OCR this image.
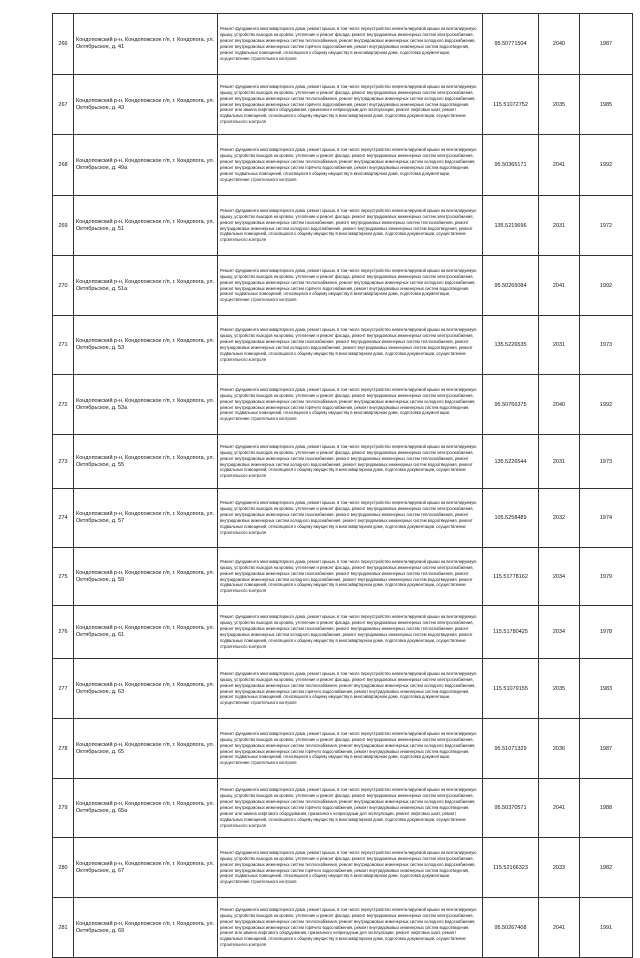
266	Кондопожский р-н, Кондопожское г/п, г. Кондопога, ул. Октябрьское, д. 41	Ремонт фундамента многоквартирного дома, ремонт крыши, в том числе переустройство невентилируемой крыши на вентилируемую крышу, устройство выходов на кровлю, утепление и ремонт фасада, ремонт внутридомовых инженерных систем электроснабжения, ремонт внутридомовых инженерных систем теплоснабжения, ремонт внутридомовых инженерных систем холодного водоснабжения, ремонт внутридомовых инженерных систем горячего водоснабжения, ремонт внутридомовых инженерных систем водоотведения, ремонт подвальных помещений, относящихся к общему имуществу в многоквартирном доме, подготовка документации, осуществление строительного контроля	95.50771504	2040	1987
267	Кондопожский р-н, Кондопожское г/п, г. Кондопога, ул. Октябрьское, д. 43	Ремонт фундамента многоквартирного дома, ремонт крыши, в том числе переустройство невентилируемой крыши на вентилируемую крышу, устройство выходов на кровлю, утепление и ремонт фасада, ремонт внутридомовых инженерных систем электроснабжения, ремонт внутридомовых инженерных систем теплоснабжения, ремонт внутридомовых инженерных систем холодного водоснабжения, ремонт внутридомовых инженерных систем горячего водоснабжения, ремонт внутридомовых инженерных систем водоотведения, ремонт или замена лифтового оборудования, признанного непригодным для эксплуатации, ремонт лифтовых шахт, ремонт подвальных помещений, относящихся к общему имуществу в многоквартирном доме, подготовка документации, осуществление строительного контроля	115.51072752	2035	1985
268	Кондопожский р-н, Кондопожское г/п, г. Кондопога, ул. Октябрьское, д. 49а	Ремонт фундамента многоквартирного дома, ремонт крыши, в том числе переустройство невентилируемой крыши на вентилируемую крышу, устройство выходов на кровлю, утепление и ремонт фасада, ремонт внутридомовых инженерных систем электроснабжения, ремонт внутридомовых инженерных систем теплоснабжения, ремонт внутридомовых инженерных систем холодного водоснабжения, ремонт внутридомовых инженерных систем горячего водоснабжения, ремонт внутридомовых инженерных систем водоотведения, ремонт подвальных помещений, относящихся к общему имуществу в многоквартирном доме, подготовка документации, осуществление строительного контроля	95.50365171	2041	1992
269	Кондопожский р-н, Кондопожское г/п, г. Кондопога, ул. Октябрьское, д. 51	Ремонт фундамента многоквартирного дома, ремонт крыши, в том числе переустройство невентилируемой крыши на вентилируемую крышу, устройство выходов на кровлю, утепление и ремонт фасада, ремонт внутридомовых инженерных систем электроснабжения, ремонт внутридомовых инженерных систем газоснабжения, ремонт внутридомовых инженерных систем теплоснабжения, ремонт внутридомовых инженерных систем холодного водоснабжения, ремонт внутридомовых инженерных систем водоотведения, ремонт подвальных помещений, относящихся к общему имуществу в многоквартирном доме, подготовка документации, осуществление строительного контроля	135.5219696	2031	1972
270	Кондопожский р-н, Кондопожское г/п, г. Кондопога, ул. Октябрьское, д. 51а	Ремонт фундамента многоквартирного дома, ремонт крыши, в том числе переустройство невентилируемой крыши на вентилируемую крышу, устройство выходов на кровлю, утепление и ремонт фасада, ремонт внутридомовых инженерных систем электроснабжения, ремонт внутридомовых инженерных систем теплоснабжения, ремонт внутридомовых инженерных систем холодного водоснабжения, ремонт внутридомовых инженерных систем горячего водоснабжения, ремонт внутридомовых инженерных систем водоотведения, ремонт подвальных помещений, относящихся к общему имуществу в многоквартирном доме, подготовка документации, осуществление строительного контроля	95.50265084	2041	1992
271	Кондопожский р-н, Кондопожское г/п, г. Кондопога, ул. Октябрьское, д. 53	Ремонт фундамента многоквартирного дома, ремонт крыши, в том числе переустройство невентилируемой крыши на вентилируемую крышу, устройство выходов на кровлю, утепление и ремонт фасада, ремонт внутридомовых инженерных систем электроснабжения, ремонт внутридомовых инженерных систем газоснабжения, ремонт внутридомовых инженерных систем теплоснабжения, ремонт внутридомовых инженерных систем холодного водоснабжения, ремонт внутридомовых инженерных систем водоотведения, ремонт подвальных помещений, относящихся к общему имуществу в многоквартирном доме, подготовка документации, осуществление строительного контроля	135.5226535	2031	1973
272	Кондопожский р-н, Кондопожское г/п, г. Кондопога, ул. Октябрьское, д. 53а	Ремонт фундамента многоквартирного дома, ремонт крыши, в том числе переустройство невентилируемой крыши на вентилируемую крышу, устройство выходов на кровлю, утепление и ремонт фасада, ремонт внутридомовых инженерных систем электроснабжения, ремонт внутридомовых инженерных систем теплоснабжения, ремонт внутридомовых инженерных систем холодного водоснабжения, ремонт внутридомовых инженерных систем горячего водоснабжения, ремонт внутридомовых инженерных систем водоотведения, ремонт подвальных помещений, относящихся к общему имуществу в многоквартирном доме, подготовка документации, осуществление строительного контроля	95.50766375	2040	1992
273	Кондопожский р-н, Кондопожское г/п, г. Кондопога, ул. Октябрьское, д. 55	Ремонт фундамента многоквартирного дома, ремонт крыши, в том числе переустройство невентилируемой крыши на вентилируемую крышу, устройство выходов на кровлю, утепление и ремонт фасада, ремонт внутридомовых инженерных систем электроснабжения, ремонт внутридомовых инженерных систем газоснабжения, ремонт внутридомовых инженерных систем теплоснабжения, ремонт внутридомовых инженерных систем холодного водоснабжения, ремонт внутридомовых инженерных систем водоотведения, ремонт подвальных помещений, относящихся к общему имуществу в многоквартирном доме, подготовка документации, осуществление строительного контроля	135.5226544	2031	1973
274	Кондопожский р-н, Кондопожское г/п, г. Кондопога, ул. Октябрьское, д. 57	Ремонт фундамента многоквартирного дома, ремонт крыши, в том числе переустройство невентилируемой крыши на вентилируемую крышу, устройство выходов на кровлю, утепление и ремонт фасада, ремонт внутридомовых инженерных систем электроснабжения, ремонт внутридомовых инженерных систем газоснабжения, ремонт внутридомовых инженерных систем теплоснабжения, ремонт внутридомовых инженерных систем холодного водоснабжения, ремонт внутридомовых инженерных систем водоотведения, ремонт подвальных помещений, относящихся к общему имуществу в многоквартирном доме, подготовка документации, осуществление строительного контроля	105.5258489	2032	1974
275	Кондопожский р-н, Кондопожское г/п, г. Кондопога, ул. Октябрьское, д. 59	Ремонт фундамента многоквартирного дома, ремонт крыши, в том числе переустройство невентилируемой крыши на вентилируемую крышу, устройство выходов на кровлю, утепление и ремонт фасада, ремонт внутридомовых инженерных систем электроснабжения, ремонт внутридомовых инженерных систем газоснабжения, ремонт внутридомовых инженерных систем теплоснабжения, ремонт внутридомовых инженерных систем холодного водоснабжения, ремонт внутридомовых инженерных систем водоотведения, ремонт подвальных помещений, относящихся к общему имуществу в многоквартирном доме, подготовка документации, осуществление строительного контроля	115.51778162	2034	1979
276	Кондопожский р-н, Кондопожское г/п, г. Кондопога, ул. Октябрьское, д. 61	Ремонт фундамента многоквартирного дома, ремонт крыши, в том числе переустройство невентилируемой крыши на вентилируемую крышу, устройство выходов на кровлю, утепление и ремонт фасада, ремонт внутридомовых инженерных систем электроснабжения, ремонт внутридомовых инженерных систем газоснабжения, ремонт внутридомовых инженерных систем теплоснабжения, ремонт внутридомовых инженерных систем холодного водоснабжения, ремонт внутридомовых инженерных систем водоотведения, ремонт подвальных помещений, относящихся к общему имуществу в многоквартирном доме, подготовка документации, осуществление строительного контроля	115.51780425	2034	1978
277	Кондопожский р-н, Кондопожское г/п, г. Кондопога, ул. Октябрьское, д. 63	Ремонт фундамента многоквартирного дома, ремонт крыши, в том числе переустройство невентилируемой крыши на вентилируемую крышу, устройство выходов на кровлю, утепление и ремонт фасада, ремонт внутридомовых инженерных систем электроснабжения, ремонт внутридомовых инженерных систем теплоснабжения, ремонт внутридомовых инженерных систем холодного водоснабжения, ремонт внутридомовых инженерных систем горячего водоснабжения, ремонт внутридомовых инженерных систем водоотведения, ремонт подвальных помещений, относящихся к общему имуществу в многоквартирном доме, подготовка документации, осуществление строительного контроля	115.51079155	2035	1983
278	Кондопожский р-н, Кондопожское г/п, г. Кондопога, ул. Октябрьское, д. 65	Ремонт фундамента многоквартирного дома, ремонт крыши, в том числе переустройство невентилируемой крыши на вентилируемую крышу, устройство выходов на кровлю, утепление и ремонт фасада, ремонт внутридомовых инженерных систем электроснабжения, ремонт внутридомовых инженерных систем теплоснабжения, ремонт внутридомовых инженерных систем холодного водоснабжения, ремонт внутридомовых инженерных систем горячего водоснабжения, ремонт внутридомовых инженерных систем водоотведения, ремонт подвальных помещений, относящихся к общему имуществу в многоквартирном доме, подготовка документации, осуществление строительного контроля	95.51071329	2036	1987
279	Кондопожский р-н, Кондопожское г/п, г. Кондопога, ул. Октябрьское, д. 65а	Ремонт фундамента многоквартирного дома, ремонт крыши, в том числе переустройство невентилируемой крыши на вентилируемую крышу, устройство выходов на кровлю, утепление и ремонт фасада, ремонт внутридомовых инженерных систем электроснабжения, ремонт внутридомовых инженерных систем теплоснабжения, ремонт внутридомовых инженерных систем холодного водоснабжения, ремонт внутридомовых инженерных систем горячего водоснабжения, ремонт внутридомовых инженерных систем водоотведения, ремонт или замена лифтового оборудования, признанного непригодным для эксплуатации, ремонт лифтовых шахт, ремонт подвальных помещений, относящихся к общему имуществу в многоквартирном доме, подготовка документации, осуществление строительного контроля	95.50370571	2041	1988
280	Кондопожский р-н, Кондопожское г/п, г. Кондопога, ул. Октябрьское, д. 67	Ремонт фундамента многоквартирного дома, ремонт крыши, в том числе переустройство невентилируемой крыши на вентилируемую крышу, устройство выходов на кровлю, утепление и ремонт фасада, ремонт внутридомовых инженерных систем электроснабжения, ремонт внутридомовых инженерных систем теплоснабжения, ремонт внутридомовых инженерных систем холодного водоснабжения, ремонт внутридомовых инженерных систем горячего водоснабжения, ремонт внутридомовых инженерных систем водоотведения, ремонт подвальных помещений, относящихся к общему имуществу в многоквартирном доме, подготовка документации, осуществление строительного контроля	115.52166323	2033	1982
281	Кондопожский р-н, Кондопожское г/п, г. Кондопога, ул. Октябрьское, д. 69	Ремонт фундамента многоквартирного дома, ремонт крыши, в том числе переустройство невентилируемой крыши на вентилируемую крышу, устройство выходов на кровлю, утепление и ремонт фасада, ремонт внутридомовых инженерных систем электроснабжения, ремонт внутридомовых инженерных систем теплоснабжения, ремонт внутридомовых инженерных систем холодного водоснабжения, ремонт внутридомовых инженерных систем горячего водоснабжения, ремонт внутридомовых инженерных систем водоотведения, ремонт или замена лифтового оборудования, признанного непригодным для эксплуатации, ремонт лифтовых шахт, ремонт подвальных помещений, относящихся к общему имуществу в многоквартирном доме, подготовка документации, осуществление строительного контроля	95.50267408	2041	1991
